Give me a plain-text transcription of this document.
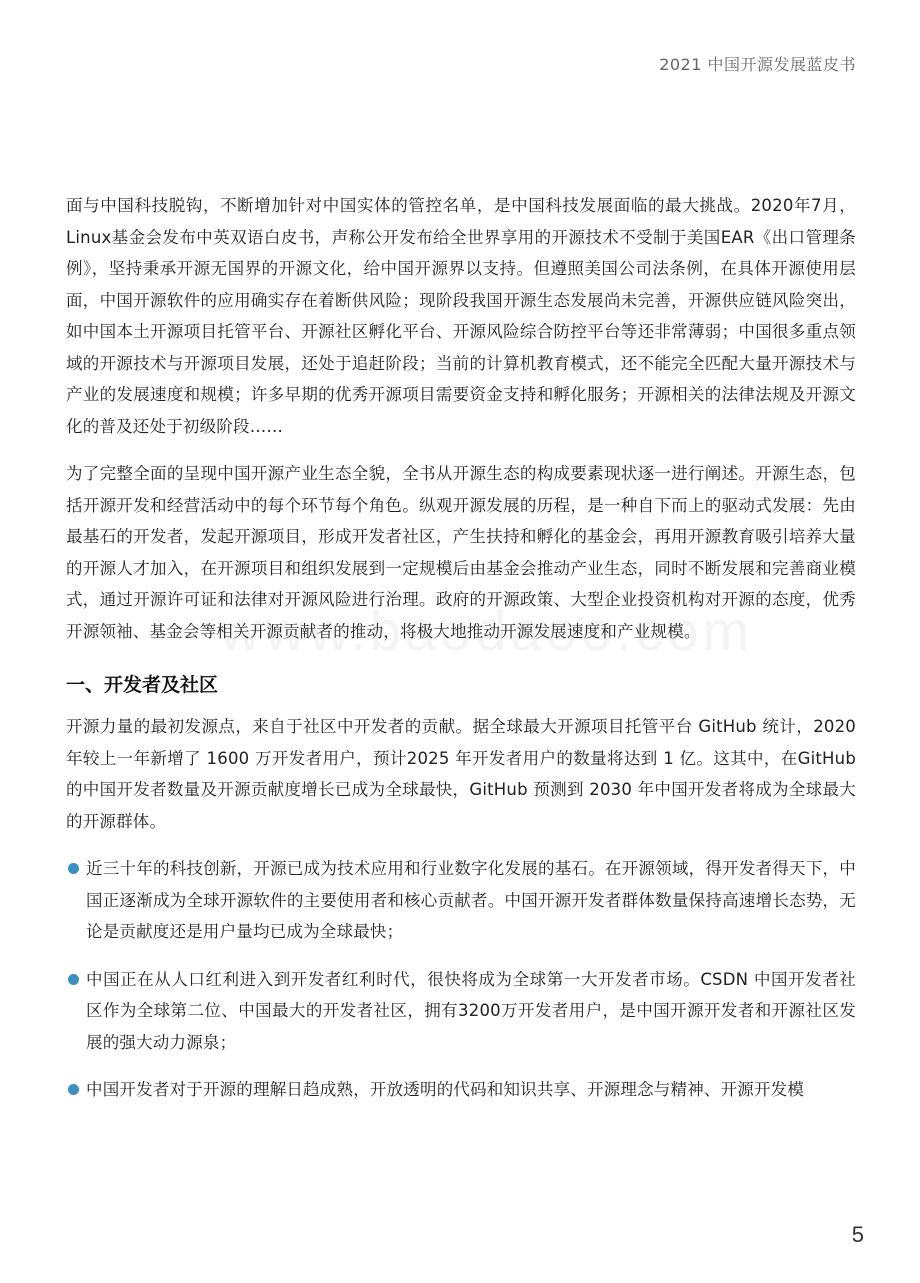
2021 中国开源发展蓝皮书

面与中国科技脱钩，不断增加针对中国实体的管控名单，是中国科技发展面临的最大挑战。2020年7月，Linux基金会发布中英双语白皮书，声称公开发布给全世界享用的开源技术不受制于美国EAR《出口管理条例》，坚持秉承开源无国界的开源文化，给中国开源界以支持。但遵照美国公司法条例，在具体开源使用层面，中国开源软件的应用确实存在着断供风险；现阶段我国开源生态发展尚未完善，开源供应链风险突出，如中国本土开源项目托管平台、开源社区孵化平台、开源风险综合防控平台等还非常薄弱；中国很多重点领域的开源技术与开源项目发展，还处于追赶阶段；当前的计算机教育模式，还不能完全匹配大量开源技术与产业的发展速度和规模；许多早期的优秀开源项目需要资金支持和孵化服务；开源相关的法律法规及开源文化的普及还处于初级阶段……

为了完整全面的呈现中国开源产业生态全貌，全书从开源生态的构成要素现状逐一进行阐述。开源生态，包括开源开发和经营活动中的每个环节每个角色。纵观开源发展的历程，是一种自下而上的驱动式发展：先由最基石的开发者，发起开源项目，形成开发者社区，产生扶持和孵化的基金会，再用开源教育吸引培养大量的开源人才加入，在开源项目和组织发展到一定规模后由基金会推动产业生态，同时不断发展和完善商业模式，通过开源许可证和法律对开源风险进行治理。政府的开源政策、大型企业投资机构对开源的态度，优秀开源领袖、基金会等相关开源贡献者的推动，将极大地推动开源发展速度和产业规模。

一、开发者及社区

开源力量的最初发源点，来自于社区中开发者的贡献。据全球最大开源项目托管平台 GitHub 统计，2020年较上一年新增了 1600 万开发者用户，预计2025 年开发者用户的数量将达到 1 亿。这其中，在GitHub 的中国开发者数量及开源贡献度增长已成为全球最快，GitHub 预测到 2030 年中国开发者将成为全球最大的开源群体。

近三十年的科技创新，开源已成为技术应用和行业数字化发展的基石。在开源领域，得开发者得天下，中国正逐渐成为全球开源软件的主要使用者和核心贡献者。中国开源开发者群体数量保持高速增长态势，无论是贡献度还是用户量均已成为全球最快；
中国正在从人口红利进入到开发者红利时代，很快将成为全球第一大开发者市场。CSDN 中国开发者社区作为全球第二位、中国最大的开发者社区，拥有3200万开发者用户，是中国开源开发者和开源社区发展的强大动力源泉；
中国开发者对于开源的理解日趋成熟，开放透明的代码和知识共享、开源理念与精神、开源开发模
5
